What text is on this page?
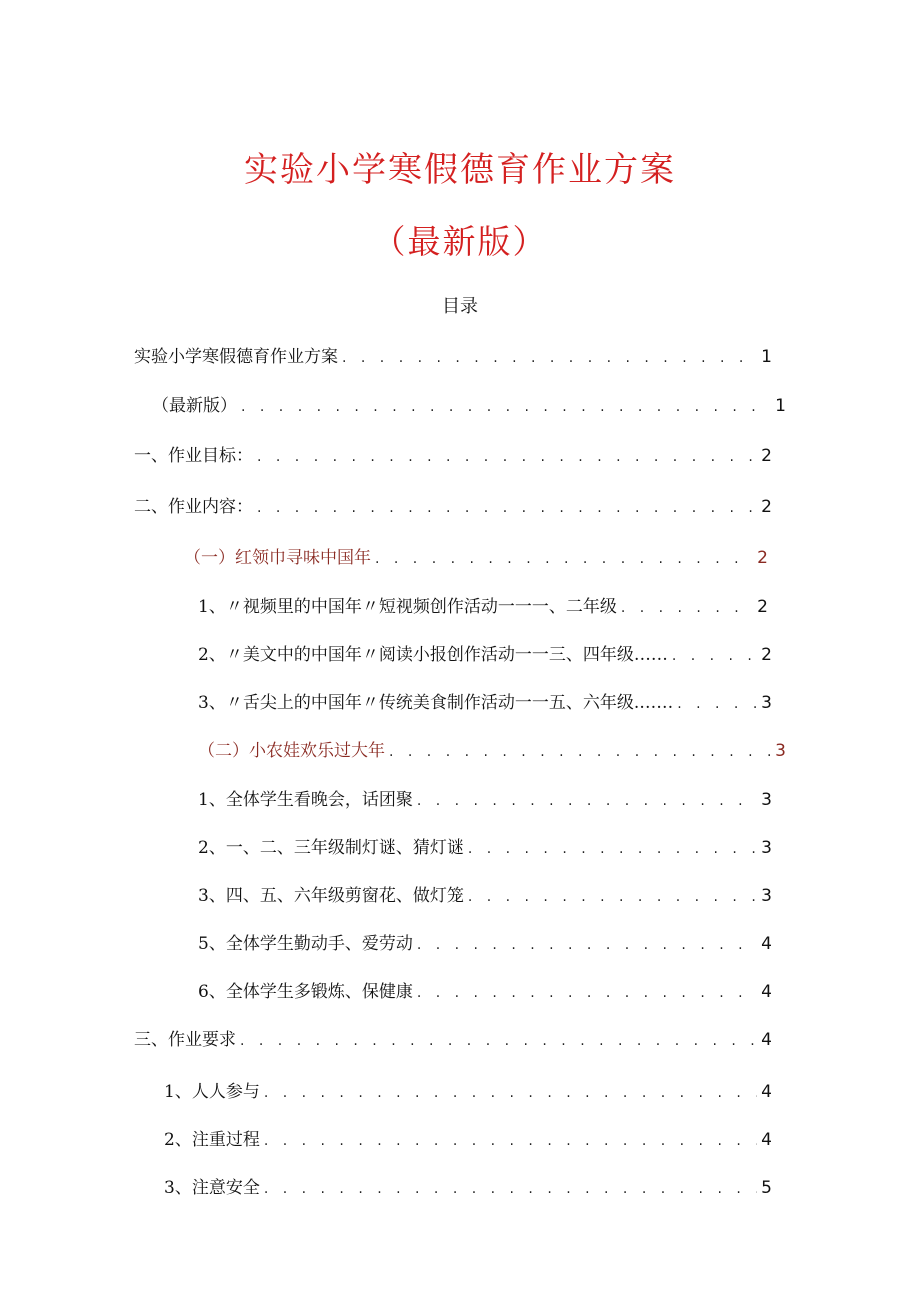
实验小学寒假德育作业方案
（最新版）
目录
实验小学寒假德育作业方案 . . .	1
（最新版） . . .	1
一、作业目标： . . .	2
二、作业内容： . . .	2
（一）红领巾寻味中国年 . . .	2
1、〃视频里的中国年〃短视频创作活动一一一、二年级 . . .	2
2、〃美文中的中国年〃阅读小报创作活动一一三、四年级…… . . .	2
3、〃舌尖上的中国年〃传统美食制作活动一一五、六年级.…… . . .	3
（二）小农娃欢乐过大年 . . .	3
1、全体学生看晚会，话团聚 . . .	3
2、一、二、三年级制灯谜、猜灯谜 . . .	3
3、四、五、六年级剪窗花、做灯笼 . . .	3
5、全体学生勤动手、爱劳动 . . .	4
6、全体学生多锻炼、保健康 . . .	4
三、作业要求 . . .	4
1、人人参与 . . .	4
2、注重过程 . . .	4
3、注意安全 . . .	5
